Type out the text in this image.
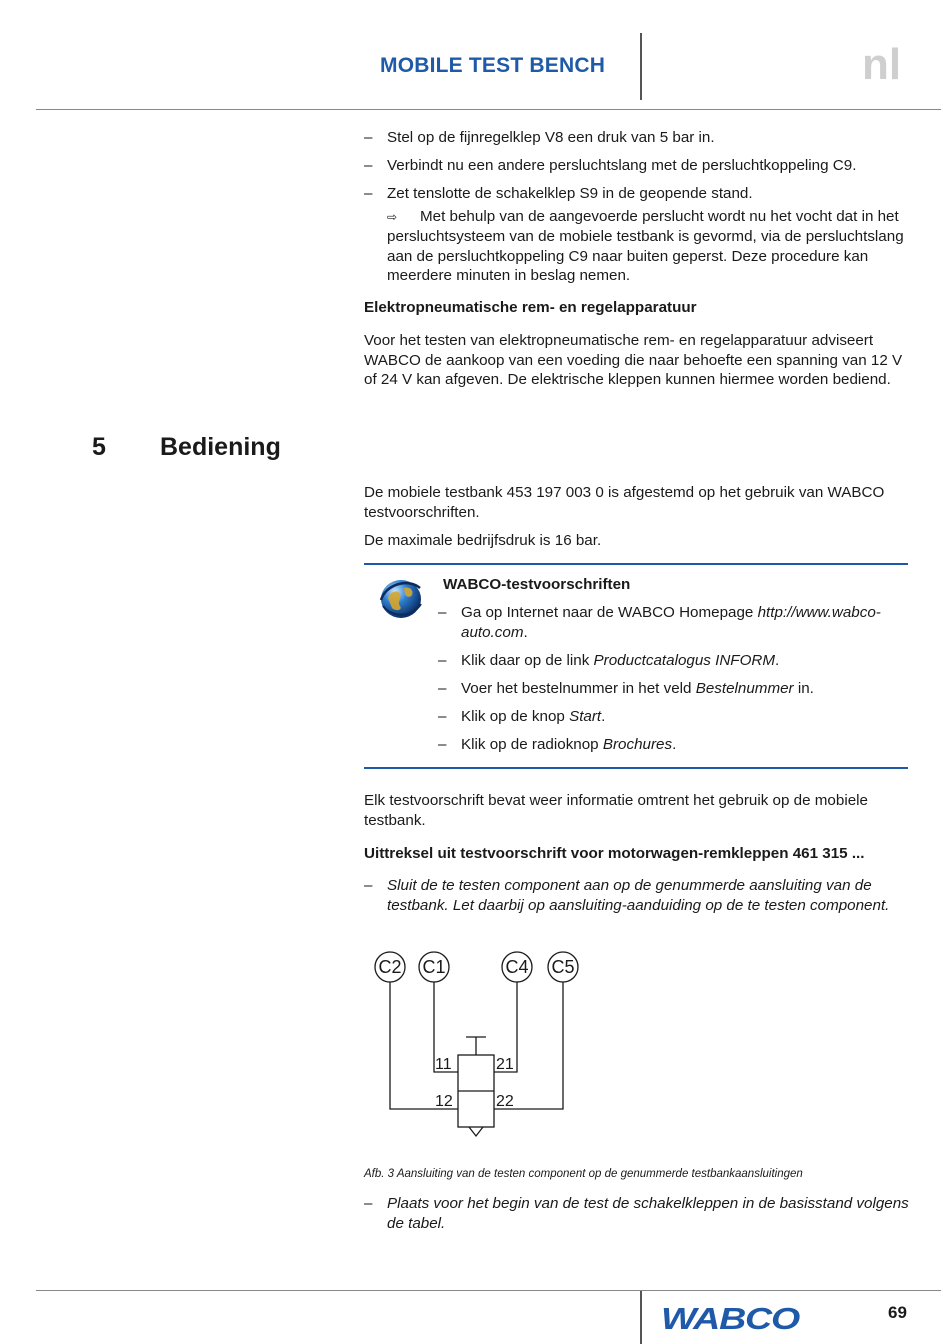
MOBILE TEST BENCH	nl

– Stel op de fijnregelklep V8 een druk van 5 bar in.

– Verbindt nu een andere persluchtslang met de persluchtkoppeling C9.

– Zet tenslotte de schakelklep S9 in de geopende stand.

⇨ Met behulp van de aangevoerde perslucht wordt nu het vocht dat in het persluchtsysteem van de mobiele testbank is gevormd, via de persluchtslang aan de persluchtkoppeling C9 naar buiten geperst. Deze procedure kan meerdere minuten in beslag nemen.

Elektropneumatische rem- en regelapparatuur
Voor het testen van elektropneumatische rem- en regelapparatuur adviseert WABCO de aankoop van een voeding die naar behoefte een spanning van 12 V of 24 V kan afgeven. De elektrische kleppen kunnen hiermee worden bediend.
5 Bediening
De mobiele testbank 453 197 003 0 is afgestemd op het gebruik van WABCO testvoorschriften.
De maximale bedrijfsdruk is 16 bar.
WABCO-testvoorschriften

– Ga op Internet naar de WABCO Homepage http://www.wabco-auto.com.

– Klik daar op de link Productcatalogus INFORM.

– Voer het bestelnummer in het veld Bestelnummer in.

– Klik op de knop Start.

– Klik op de radioknop Brochures.

Elk testvoorschrift bevat weer informatie omtrent het gebruik op de mobiele testbank.
Uittreksel uit testvoorschrift voor motorwagen-remkleppen 461 315 ...

– Sluit de te testen component aan op de genummerde aansluiting van de testbank. Let daarbij op aansluiting-aanduiding op de te testen component.

C2 C1	C4 C5
11	21
12	22
Afb. 3 Aansluiting van de testen component op de genummerde testbankaansluitingen

– Plaats voor het begin van de test de schakelkleppen in de basisstand volgens de tabel.

WABCO	69
